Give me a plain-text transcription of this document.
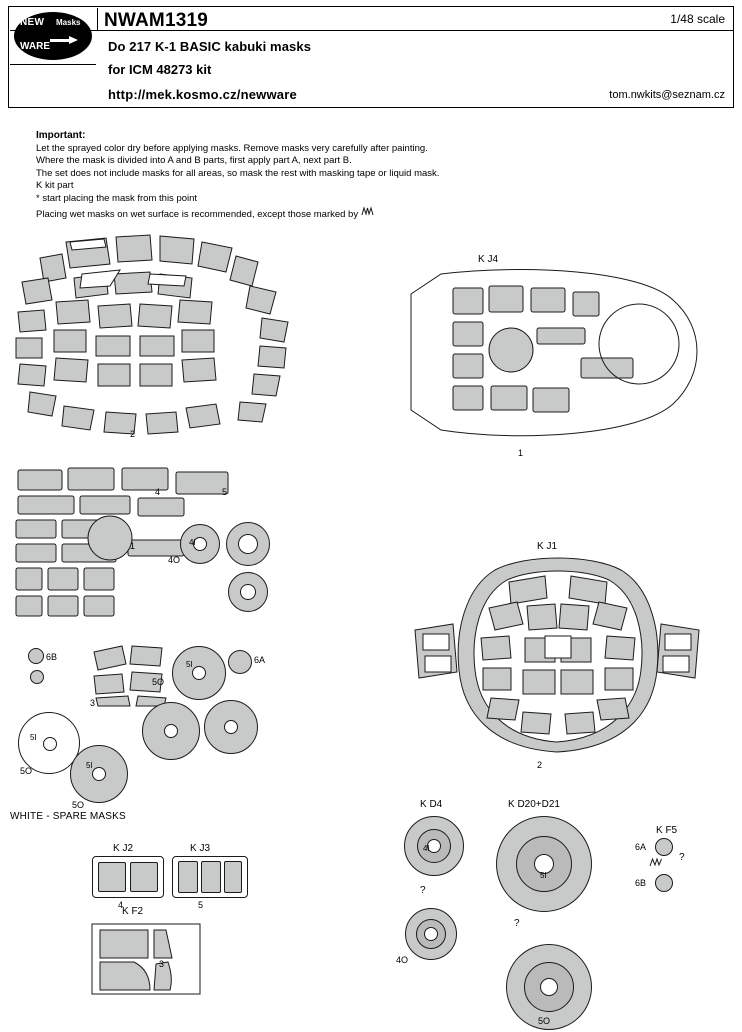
NEW Masks
WARE
NWAM1319	1/48 scale
Do 217 K-1 BASIC kabuki masks
for ICM 48273 kit
http://mek.kosmo.cz/newware	tom.nwkits@seznam.cz
Important:
Let the sprayed color dry before applying masks. Remove masks very carefully after painting.
Where the mask is divided into A and B parts, first apply part A, next part B.
The set does not include masks for all areas, so mask the rest with masking tape or liquid mask.
K kit part
* start placing the mask from this point
Placing wet masks on wet surface is recommended, except those marked by
2
4	5
1	4I
4O
6B
3
5I
5O
6A
5I
5O
5I
5O
WHITE - SPARE MASKS
K J2
4
K J3
5
K F2
3
K J4
1
K J1
2
K D4
4I
?
4O
K D20+D21
5I
?
5O
K F5
6A
?
6B
